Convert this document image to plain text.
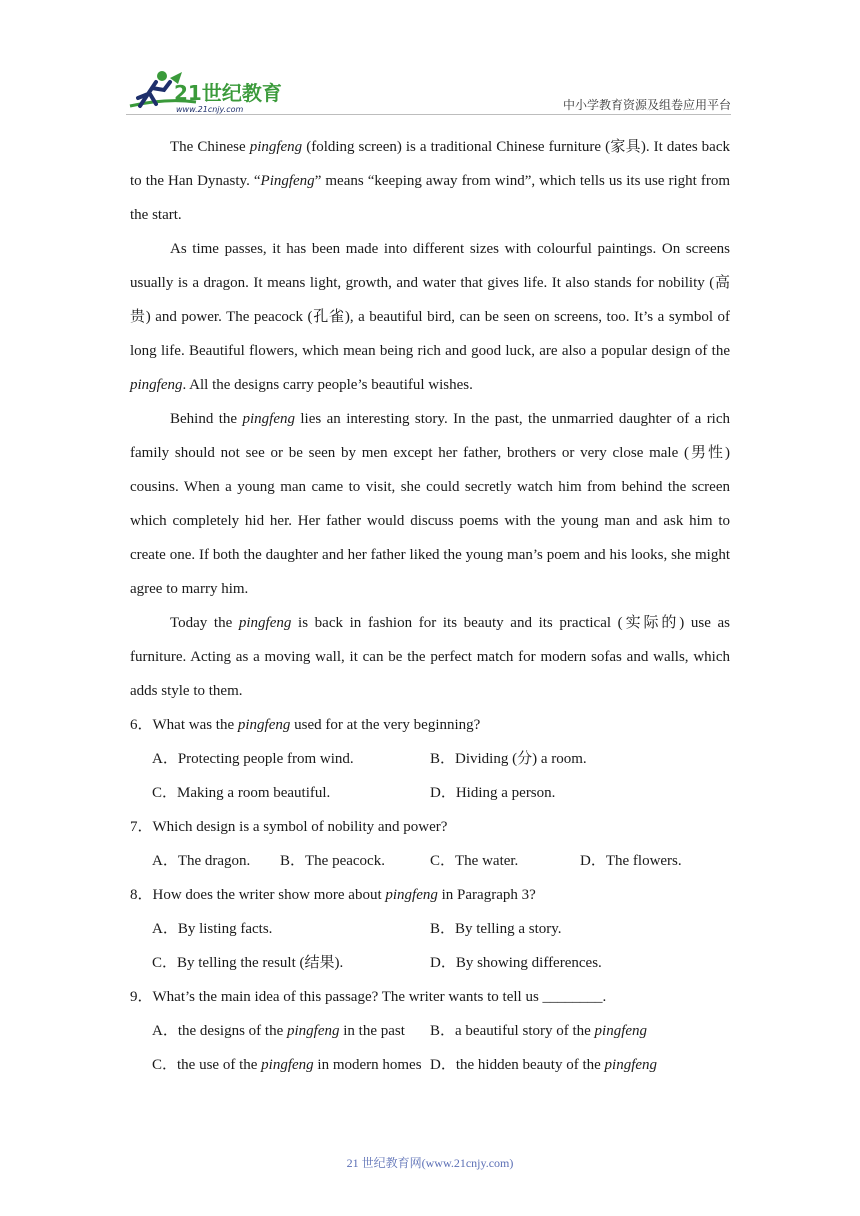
21世纪教育
www.21cnjy.com	中小学教育资源及组卷应用平台

The Chinese pingfeng (folding screen) is a traditional Chinese furniture (家具). It dates back to the Han Dynasty. “Pingfeng” means “keeping away from wind”, which tells us its use right from the start.

As time passes, it has been made into different sizes with colourful paintings. On screens usually is a dragon. It means light, growth, and water that gives life. It also stands for nobility (高贵) and power. The peacock (孔雀), a beautiful bird, can be seen on screens, too. It’s a symbol of long life. Beautiful flowers, which mean being rich and good luck, are also a popular design of the pingfeng. All the designs carry people’s beautiful wishes.

Behind the pingfeng lies an interesting story. In the past, the unmarried daughter of a rich family should not see or be seen by men except her father, brothers or very close male (男性) cousins. When a young man came to visit, she could secretly watch him from behind the screen which completely hid her. Her father would discuss poems with the young man and ask him to create one. If both the daughter and her father liked the young man’s poem and his looks, she might agree to marry him.

Today the pingfeng is back in fashion for its beauty and its practical (实际的) use as furniture. Acting as a moving wall, it can be the perfect match for modern sofas and walls, which adds style to them.

6．What was the pingfeng used for at the very beginning?

A．Protecting people from wind.	B．Dividing (分) a room.
C．Making a room beautiful.	D．Hiding a person.

7．Which design is a symbol of nobility and power?

A．The dragon.	B．The peacock.	C．The water.	D．The flowers.

8．How does the writer show more about pingfeng in Paragraph 3?

A．By listing facts.	B．By telling a story.
C．By telling the result (结果).	D．By showing differences.

9．What’s the main idea of this passage? The writer wants to tell us ________.

A．the designs of the pingfeng in the past	B．a beautiful story of the pingfeng
C．the use of the pingfeng in modern homes D．the hidden beauty of the pingfeng
21 世纪教育网(www.21cnjy.com)
